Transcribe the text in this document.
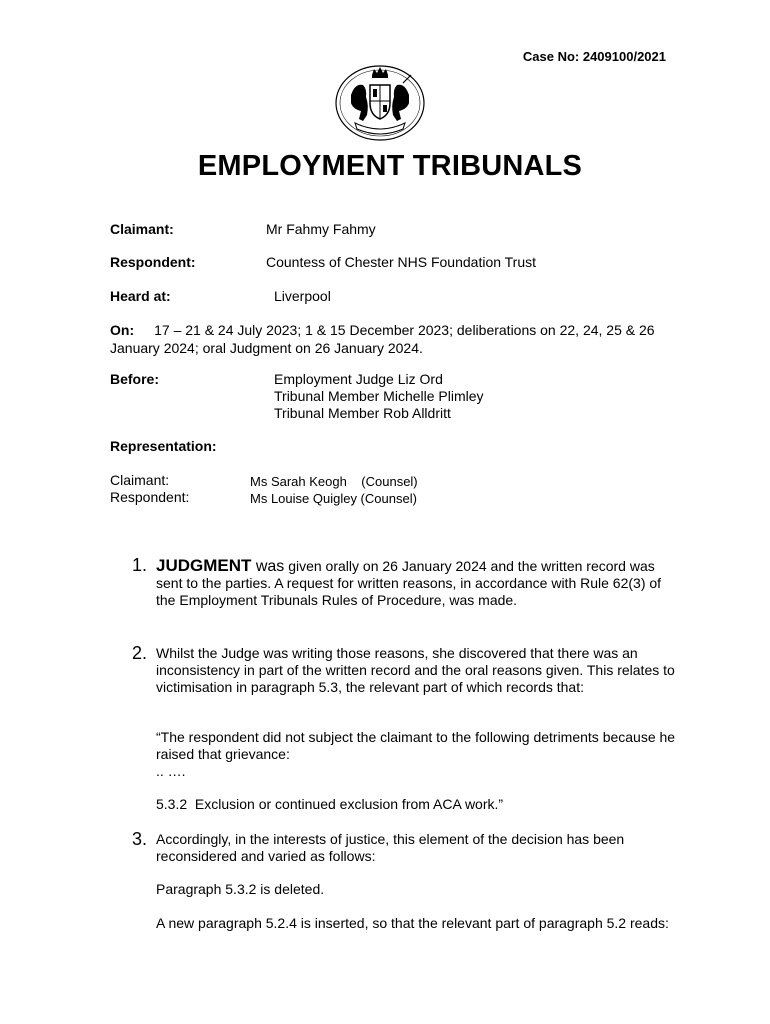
Case No: 2409100/2021
EMPLOYMENT TRIBUNALS
Claimant:	Mr Fahmy Fahmy
Respondent:	Countess of Chester NHS Foundation Trust
Heard at:	Liverpool
On: 17 – 21 & 24 July 2023; 1 & 15 December 2023; deliberations on 22, 24, 25 & 26 January 2024; oral Judgment on 26 January 2024.
Before:	Employment Judge Liz Ord
Tribunal Member Michelle Plimley
Tribunal Member Rob Alldritt
Representation:
Claimant:	Ms Sarah Keogh    (Counsel)
Respondent:	Ms Louise Quigley (Counsel)
1. JUDGMENT was given orally on 26 January 2024 and the written record was sent to the parties. A request for written reasons, in accordance with Rule 62(3) of the Employment Tribunals Rules of Procedure, was made.
2. Whilst the Judge was writing those reasons, she discovered that there was an inconsistency in part of the written record and the oral reasons given. This relates to victimisation in paragraph 5.3, the relevant part of which records that:

“The respondent did not subject the claimant to the following detriments because he raised that grievance:

.. ….

5.3.2  Exclusion or continued exclusion from ACA work.”

3. Accordingly, in the interests of justice, this element of the decision has been reconsidered and varied as follows:

Paragraph 5.3.2 is deleted.

A new paragraph 5.2.4 is inserted, so that the relevant part of paragraph 5.2 reads:
